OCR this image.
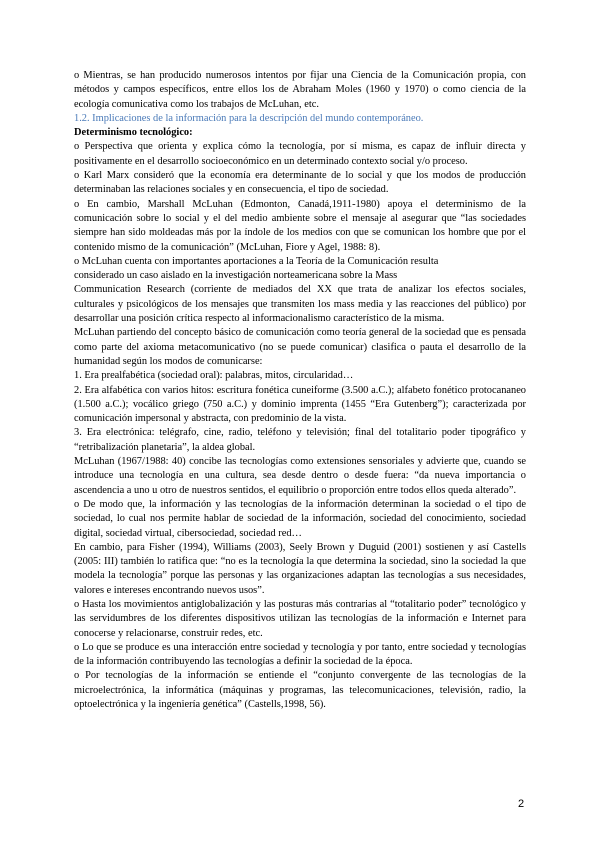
o Mientras, se han producido numerosos intentos por fijar una Ciencia de la Comunicación propia, con métodos y campos específicos, entre ellos los de Abraham Moles (1960 y 1970) o como ciencia de la ecología comunicativa como los trabajos de McLuhan, etc.

1.2. Implicaciones de la información para la descripción del mundo contemporáneo.

Determinismo tecnológico:

o Perspectiva que orienta y explica cómo la tecnología, por sí misma, es capaz de influir directa y positivamente en el desarrollo socioeconómico en un determinado contexto social y/o proceso.

o Karl Marx consideró que la economía era determinante de lo social y que los modos de producción determinaban las relaciones sociales y en consecuencia, el tipo de sociedad.

o En cambio, Marshall McLuhan (Edmonton, Canadá,1911-1980) apoya el determinismo de la comunicación sobre lo social y el del medio ambiente sobre el mensaje al asegurar que “las sociedades siempre han sido moldeadas más por la índole de los medios con que se comunican los hombre que por el contenido mismo de la comunicación” (McLuhan, Fiore y Agel, 1988: 8).

o McLuhan cuenta con importantes aportaciones a la Teoría de la Comunicación resulta

considerado un caso aislado en la investigación norteamericana sobre la Mass

Communication Research (corriente de mediados del XX que trata de analizar los efectos sociales, culturales y psicológicos de los mensajes que transmiten los mass media y las reacciones del público) por desarrollar una posición crítica respecto al informacionalismo característico de la misma.

McLuhan partiendo del concepto básico de comunicación como teoría general de la sociedad que es pensada como parte del axioma metacomunicativo (no se puede comunicar) clasifica o pauta el desarrollo de la humanidad según los modos de comunicarse:

1. Era prealfabética (sociedad oral): palabras, mitos, circularidad…

2. Era alfabética con varios hitos: escritura fonética cuneiforme (3.500 a.C.); alfabeto fonético protocananeo (1.500 a.C.); vocálico griego (750 a.C.) y dominio imprenta (1455 “Era Gutenberg”); caracterizada por comunicación impersonal y abstracta, con predominio de la vista.

3. Era electrónica: telégrafo, cine, radio, teléfono y televisión; final del totalitario poder tipográfico y “retribalización planetaria”, la aldea global.

McLuhan (1967/1988: 40) concibe las tecnologías como extensiones sensoriales y advierte que, cuando se introduce una tecnología en una cultura, sea desde dentro o desde fuera: “da nueva importancia o ascendencia a uno u otro de nuestros sentidos, el equilibrio o proporción entre todos ellos queda alterado”.

o De modo que, la información y las tecnologías de la información determinan la sociedad o el tipo de sociedad, lo cual nos permite hablar de sociedad de la información, sociedad del conocimiento, sociedad digital, sociedad virtual, cibersociedad, sociedad red…

En cambio, para Fisher (1994), Williams (2003), Seely Brown y Duguid (2001) sostienen y así Castells (2005: III) también lo ratifica que: “no es la tecnología la que determina la sociedad, sino la sociedad la que modela la tecnología” porque las personas y las organizaciones adaptan las tecnologías a sus necesidades, valores e intereses encontrando nuevos usos”.

o Hasta los movimientos antiglobalización y las posturas más contrarias al “totalitario poder” tecnológico y las servidumbres de los diferentes dispositivos utilizan las tecnologías de la información e Internet para conocerse y relacionarse, construir redes, etc.

o Lo que se produce es una interacción entre sociedad y tecnología y por tanto, entre sociedad y tecnologías de la información contribuyendo las tecnologías a definir la sociedad de la época.

o Por tecnologías de la información se entiende el “conjunto convergente de las tecnologías de la microelectrónica, la informática (máquinas y programas, las telecomunicaciones, televisión, radio, la optoelectrónica y la ingeniería genética” (Castells,1998, 56).

2
